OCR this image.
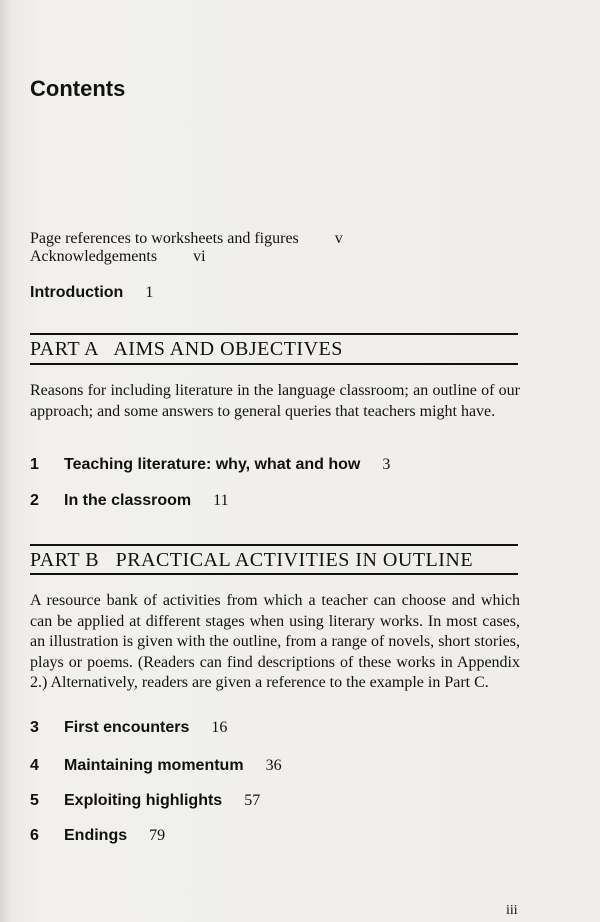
Contents
Page references to worksheets and figures v
Acknowledgements vi
Introduction 1
PART A   AIMS AND OBJECTIVES
Reasons for including literature in the language classroom; an outline of our approach; and some answers to general queries that teachers might have.
1 Teaching literature: why, what and how 3
2 In the classroom 11
PART B   PRACTICAL ACTIVITIES IN OUTLINE
A resource bank of activities from which a teacher can choose and which can be applied at different stages when using literary works. In most cases, an illustration is given with the outline, from a range of novels, short stories, plays or poems. (Readers can find descriptions of these works in Appendix 2.) Alternatively, readers are given a reference to the example in Part C.
3 First encounters 16
4 Maintaining momentum 36
5 Exploiting highlights 57
6 Endings 79
iii
